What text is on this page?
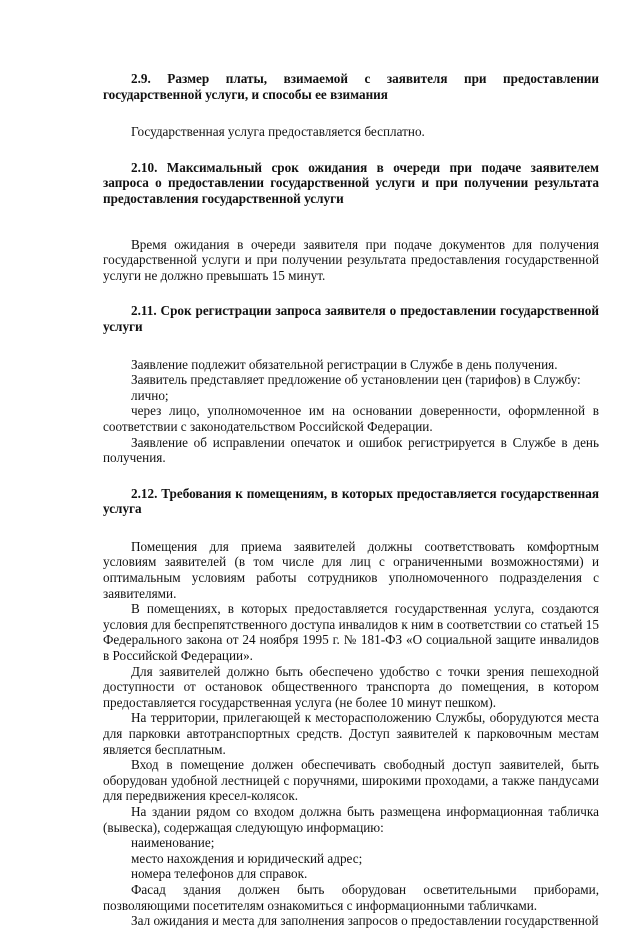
2.9. Размер платы, взимаемой с заявителя при предоставлении государственной услуги, и способы ее взимания

Государственная услуга предоставляется бесплатно.

2.10. Максимальный срок ожидания в очереди при подаче заявителем запроса о предоставлении государственной услуги и при получении результата предоставления государственной услуги

Время ожидания в очереди заявителя при подаче документов для получения государственной услуги и при получении результата предоставления государственной услуги не должно превышать 15 минут.

2.11. Срок регистрации запроса заявителя о предоставлении государственной услуги

Заявление подлежит обязательной регистрации в Службе в день получения.

Заявитель представляет предложение об установлении цен (тарифов) в Службу:

лично;

через лицо, уполномоченное им на основании доверенности, оформленной в соответствии с законодательством Российской Федерации.

Заявление об исправлении опечаток и ошибок регистрируется в Службе в день получения.

2.12. Требования к помещениям, в которых предоставляется государственная услуга

Помещения для приема заявителей должны соответствовать комфортным условиям заявителей (в том числе для лиц с ограниченными возможностями) и оптимальным условиям работы сотрудников уполномоченного подразделения с заявителями.

В помещениях, в которых предоставляется государственная услуга, создаются условия для беспрепятственного доступа инвалидов к ним в соответствии со статьей 15 Федерального закона от 24 ноября 1995 г. № 181-ФЗ «О социальной защите инвалидов в Российской Федерации».

Для заявителей должно быть обеспечено удобство с точки зрения пешеходной доступности от остановок общественного транспорта до помещения, в котором предоставляется государственная услуга (не более 10 минут пешком).

На территории, прилегающей к месторасположению Службы, оборудуются места для парковки автотранспортных средств. Доступ заявителей к парковочным местам является бесплатным.

Вход в помещение должен обеспечивать свободный доступ заявителей, быть оборудован удобной лестницей с поручнями, широкими проходами, а также пандусами для передвижения кресел-колясок.

На здании рядом со входом должна быть размещена информационная табличка (вывеска), содержащая следующую информацию:

наименование;

место нахождения и юридический адрес;

номера телефонов для справок.

Фасад здания должен быть оборудован осветительными приборами, позволяющими посетителям ознакомиться с информационными табличками.

Зал ожидания и места для заполнения запросов о предоставлении государственной
